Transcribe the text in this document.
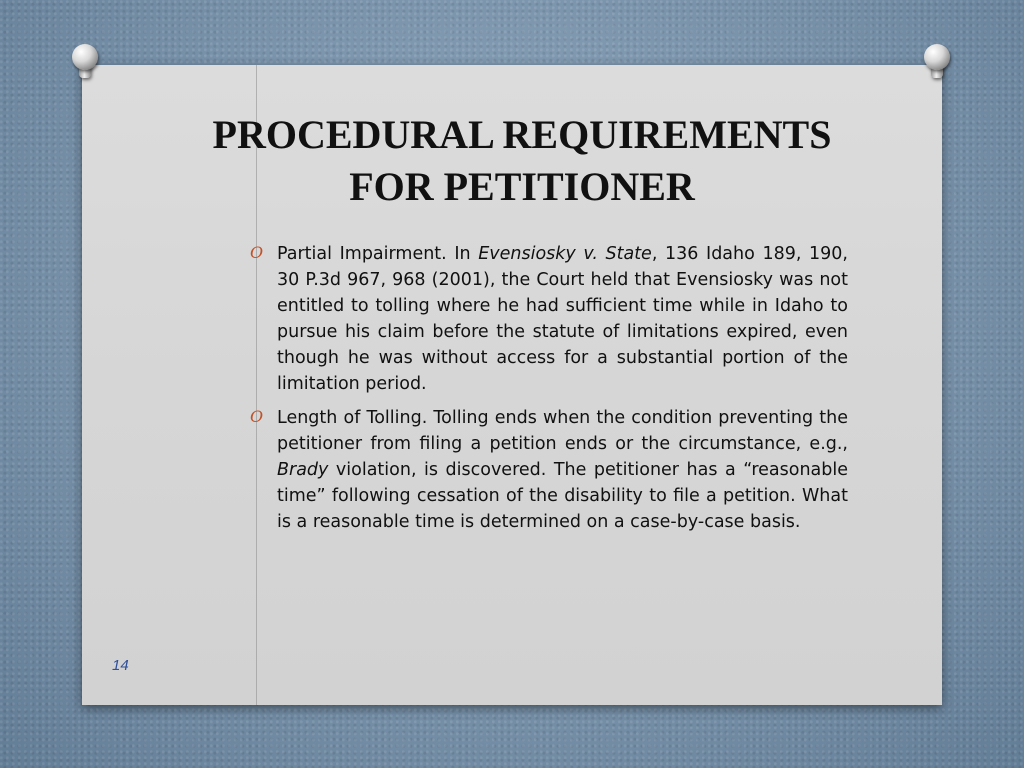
PROCEDURAL REQUIREMENTS
FOR PETITIONER
O Partial Impairment. In Evensiosky v. State, 136 Idaho 189, 190, 30 P.3d 967, 968 (2001), the Court held that Evensiosky was not entitled to tolling where he had sufficient time while in Idaho to pursue his claim before the statute of limitations expired, even though he was without access for a substantial portion of the limitation period.

O Length of Tolling. Tolling ends when the condition preventing the petitioner from filing a petition ends or the circumstance, e.g., Brady violation, is discovered. The petitioner has a “reasonable time” following cessation of the disability to file a petition. What is a reasonable time is determined on a case-by-case basis.

14
